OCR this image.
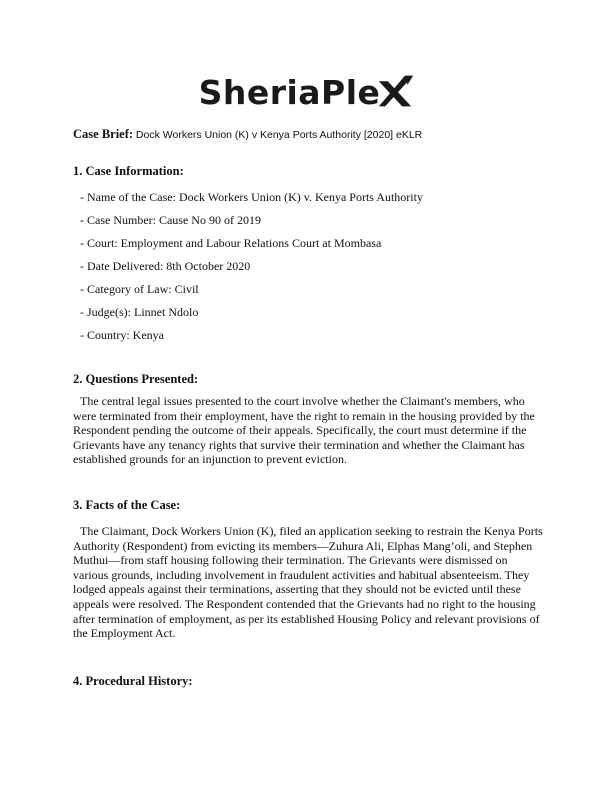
SheriaPle
Case Brief: Dock Workers Union (K) v Kenya Ports Authority [2020] eKLR
1. Case Information:
- Name of the Case: Dock Workers Union (K) v. Kenya Ports Authority
- Case Number: Cause No 90 of 2019
- Court: Employment and Labour Relations Court at Mombasa
- Date Delivered: 8th October 2020
- Category of Law: Civil
- Judge(s): Linnet Ndolo
- Country: Kenya
2. Questions Presented:

The central legal issues presented to the court involve whether the Claimant's members, who were terminated from their employment, have the right to remain in the housing provided by the Respondent pending the outcome of their appeals. Specifically, the court must determine if the Grievants have any tenancy rights that survive their termination and whether the Claimant has established grounds for an injunction to prevent eviction.

3. Facts of the Case:

The Claimant, Dock Workers Union (K), filed an application seeking to restrain the Kenya Ports Authority (Respondent) from evicting its members—Zuhura Ali, Elphas Mang’oli, and Stephen Muthui—from staff housing following their termination. The Grievants were dismissed on various grounds, including involvement in fraudulent activities and habitual absenteeism. They lodged appeals against their terminations, asserting that they should not be evicted until these appeals were resolved. The Respondent contended that the Grievants had no right to the housing after termination of employment, as per its established Housing Policy and relevant provisions of the Employment Act.

4. Procedural History:
